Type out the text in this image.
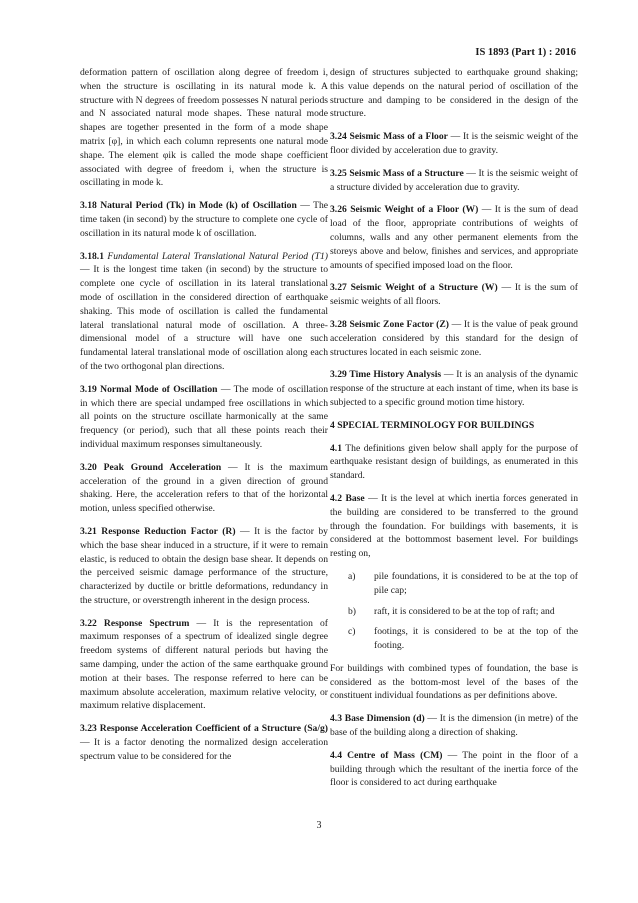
IS 1893 (Part 1) : 2016

deformation pattern of oscillation along degree of freedom i, when the structure is oscillating in its natural mode k. A structure with N degrees of freedom possesses N natural periods and N associated natural mode shapes. These natural mode shapes are together presented in the form of a mode shape matrix [φ], in which each column represents one natural mode shape. The element φik is called the mode shape coefficient associated with degree of freedom i, when the structure is oscillating in mode k.

3.18 Natural Period (Tk) in Mode (k) of Oscillation — The time taken (in second) by the structure to complete one cycle of oscillation in its natural mode k of oscillation.

3.18.1 Fundamental Lateral Translational Natural Period (T1) — It is the longest time taken (in second) by the structure to complete one cycle of oscillation in its lateral translational mode of oscillation in the considered direction of earthquake shaking. This mode of oscillation is called the fundamental lateral translational natural mode of oscillation. A three-dimensional model of a structure will have one such fundamental lateral translational mode of oscillation along each of the two orthogonal plan directions.

3.19 Normal Mode of Oscillation — The mode of oscillation in which there are special undamped free oscillations in which all points on the structure oscillate harmonically at the same frequency (or period), such that all these points reach their individual maximum responses simultaneously.

3.20 Peak Ground Acceleration — It is the maximum acceleration of the ground in a given direction of ground shaking. Here, the acceleration refers to that of the horizontal motion, unless specified otherwise.

3.21 Response Reduction Factor (R) — It is the factor by which the base shear induced in a structure, if it were to remain elastic, is reduced to obtain the design base shear. It depends on the perceived seismic damage performance of the structure, characterized by ductile or brittle deformations, redundancy in the structure, or overstrength inherent in the design process.

3.22 Response Spectrum — It is the representation of maximum responses of a spectrum of idealized single degree freedom systems of different natural periods but having the same damping, under the action of the same earthquake ground motion at their bases. The response referred to here can be maximum absolute acceleration, maximum relative velocity, or maximum relative displacement.

3.23 Response Acceleration Coefficient of a Structure (Sa/g) — It is a factor denoting the normalized design acceleration spectrum value to be considered for the

design of structures subjected to earthquake ground shaking; this value depends on the natural period of oscillation of the structure and damping to be considered in the design of the structure.

3.24 Seismic Mass of a Floor — It is the seismic weight of the floor divided by acceleration due to gravity.

3.25 Seismic Mass of a Structure — It is the seismic weight of a structure divided by acceleration due to gravity.

3.26 Seismic Weight of a Floor (W) — It is the sum of dead load of the floor, appropriate contributions of weights of columns, walls and any other permanent elements from the storeys above and below, finishes and services, and appropriate amounts of specified imposed load on the floor.

3.27 Seismic Weight of a Structure (W) — It is the sum of seismic weights of all floors.

3.28 Seismic Zone Factor (Z) — It is the value of peak ground acceleration considered by this standard for the design of structures located in each seismic zone.

3.29 Time History Analysis — It is an analysis of the dynamic response of the structure at each instant of time, when its base is subjected to a specific ground motion time history.

4 SPECIAL TERMINOLOGY FOR BUILDINGS

4.1 The definitions given below shall apply for the purpose of earthquake resistant design of buildings, as enumerated in this standard.

4.2 Base — It is the level at which inertia forces generated in the building are considered to be transferred to the ground through the foundation. For buildings with basements, it is considered at the bottommost basement level. For buildings resting on,

a)	pile foundations, it is considered to be at the top of pile cap;
b)	raft, it is considered to be at the top of raft; and
c)	footings, it is considered to be at the top of the footing.

For buildings with combined types of foundation, the base is considered as the bottom-most level of the bases of the constituent individual foundations as per definitions above.

4.3 Base Dimension (d) — It is the dimension (in metre) of the base of the building along a direction of shaking.

4.4 Centre of Mass (CM) — The point in the floor of a building through which the resultant of the inertia force of the floor is considered to act during earthquake

3
